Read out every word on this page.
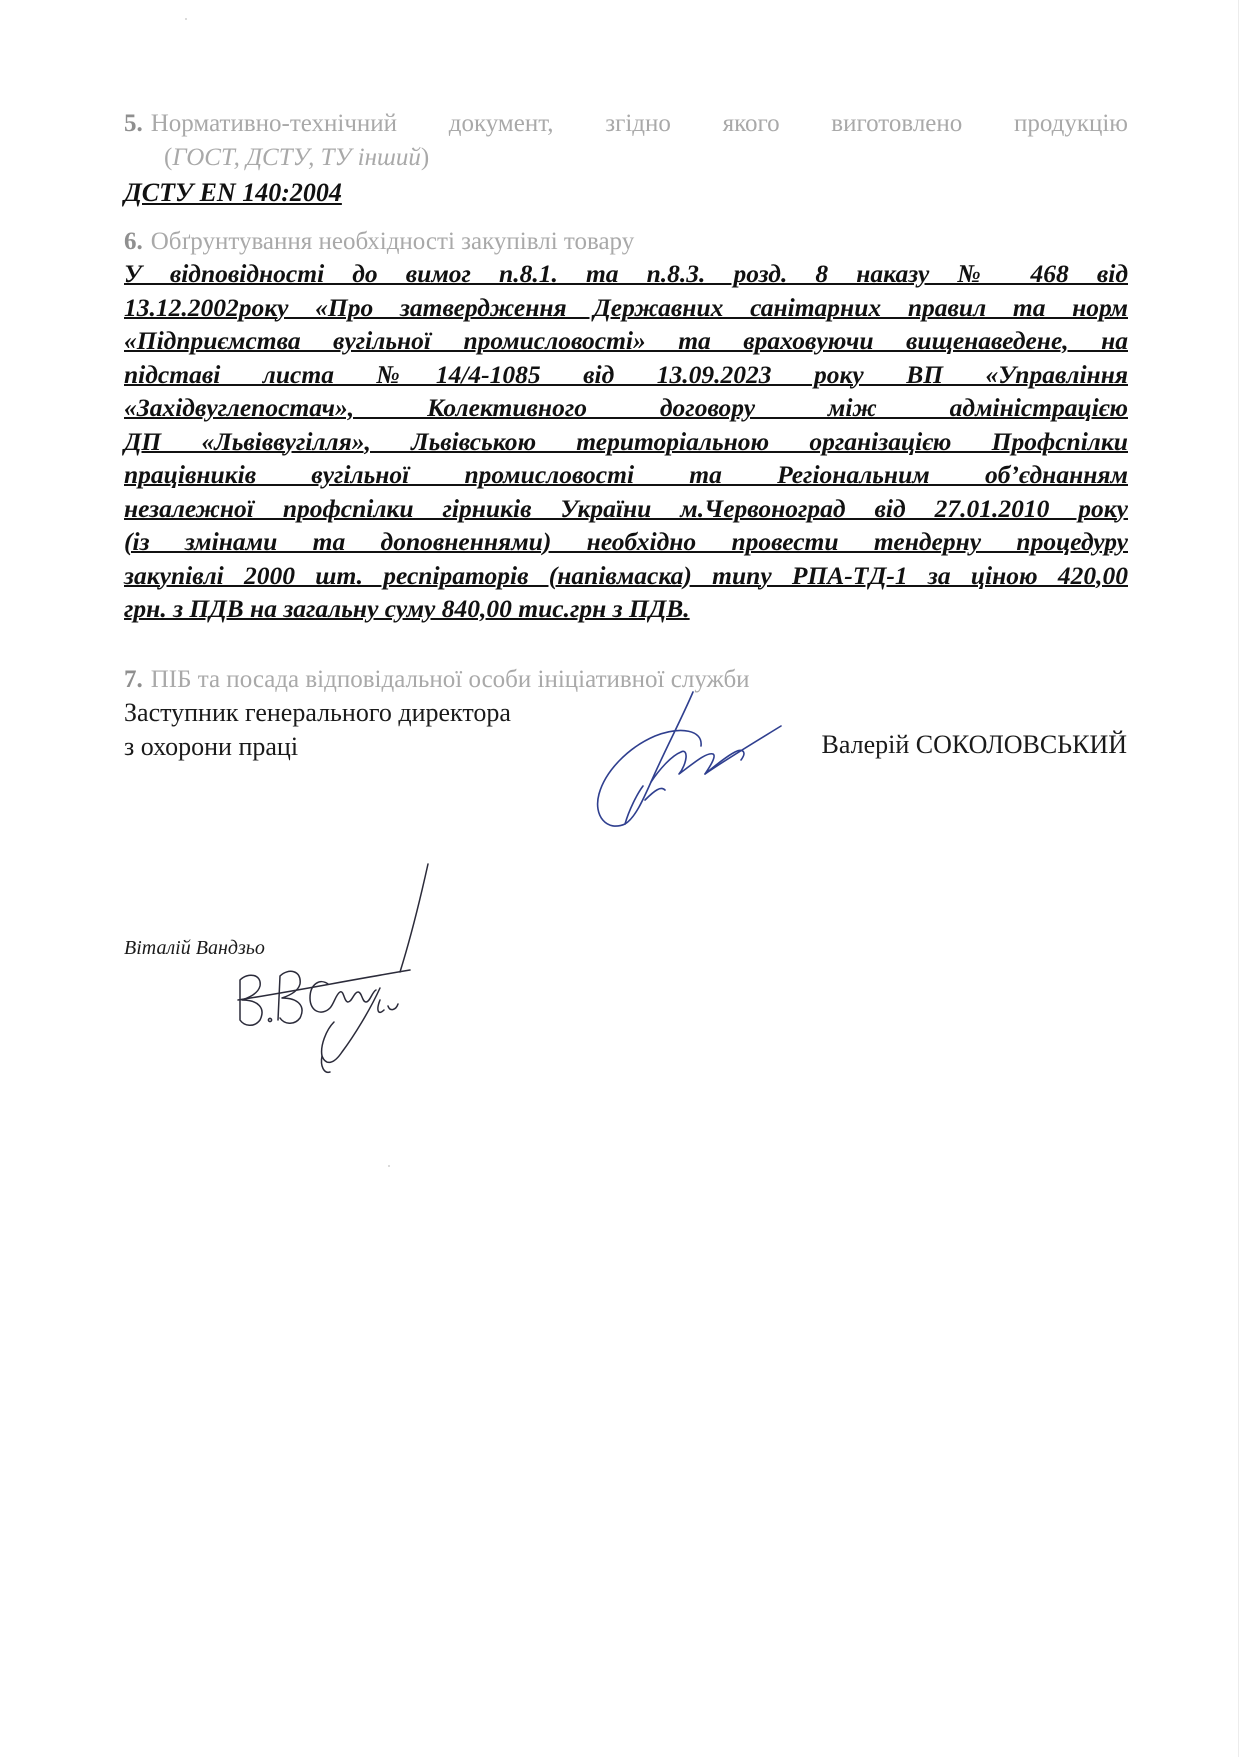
5. Нормативно-технічний документ, згідно якого виготовлено продукцію
(ГОСТ, ДСТУ, ТУ інший)
ДСТУ EN 140:2004
6. Обґрунтування необхідності закупівлі товару
У відповідності до вимог п.8.1. та п.8.3. розд. 8 наказу № 468 від
13.12.2002року «Про затвердження Державних санітарних правил та норм
«Підприємства вугільної промисловості» та враховуючи вищенаведене, на
підставі листа №14/4-1085 від 13.09.2023 року ВП «Управління
«Західвуглепостач», Колективного договору між адміністрацією
ДП «Львіввугілля», Львівською територіальною організацією Профспілки
працівників вугільної промисловості та Регіональним об’єднанням
незалежної профспілки гірників України м.Червоноград від 27.01.2010 року
(із змінами та доповненнями) необхідно провести тендерну процедуру
закупівлі 2000 шт. респіраторів (напівмаска) типу РПА-ТД-1 за ціною 420,00
грн. з ПДВ на загальну суму 840,00 тис.грн з ПДВ.
7. ПІБ та посада відповідальної особи ініціативної служби
Заступник генерального директора
з охорони праці	Валерій СОКОЛОВСЬКИЙ
Віталій Вандзьо
